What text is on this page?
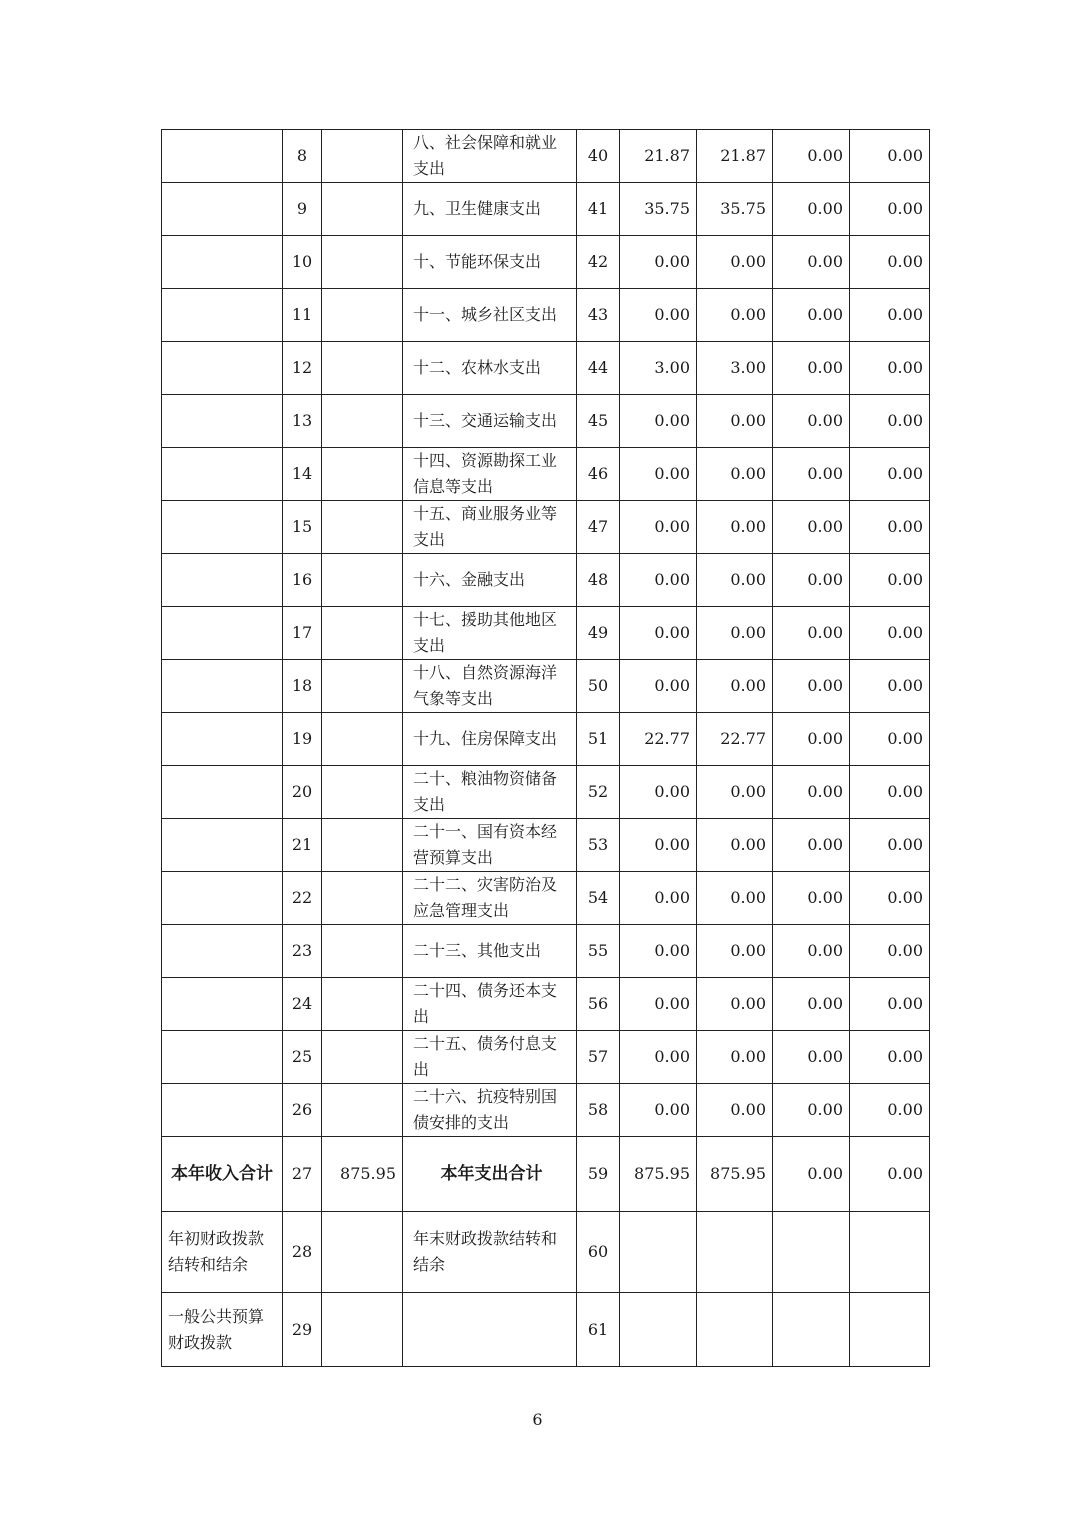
	8		八、社会保障和就业支出	40	21.87	21.87	0.00	0.00
	9		九、卫生健康支出	41	35.75	35.75	0.00	0.00
	10		十、节能环保支出	42	0.00	0.00	0.00	0.00
	11		十一、城乡社区支出	43	0.00	0.00	0.00	0.00
	12		十二、农林水支出	44	3.00	3.00	0.00	0.00
	13		十三、交通运输支出	45	0.00	0.00	0.00	0.00
	14		十四、资源勘探工业信息等支出	46	0.00	0.00	0.00	0.00
	15		十五、商业服务业等支出	47	0.00	0.00	0.00	0.00
	16		十六、金融支出	48	0.00	0.00	0.00	0.00
	17		十七、援助其他地区支出	49	0.00	0.00	0.00	0.00
	18		十八、自然资源海洋气象等支出	50	0.00	0.00	0.00	0.00
	19		十九、住房保障支出	51	22.77	22.77	0.00	0.00
	20		二十、粮油物资储备支出	52	0.00	0.00	0.00	0.00
	21		二十一、国有资本经营预算支出	53	0.00	0.00	0.00	0.00
	22		二十二、灾害防治及应急管理支出	54	0.00	0.00	0.00	0.00
	23		二十三、其他支出	55	0.00	0.00	0.00	0.00
	24		二十四、债务还本支出	56	0.00	0.00	0.00	0.00
	25		二十五、债务付息支出	57	0.00	0.00	0.00	0.00
	26		二十六、抗疫特别国债安排的支出	58	0.00	0.00	0.00	0.00
本年收入合计	27	875.95	本年支出合计	59	875.95	875.95	0.00	0.00
年初财政拨款结转和结余	28		年末财政拨款结转和结余	60				
一般公共预算财政拨款	29			61				
6
